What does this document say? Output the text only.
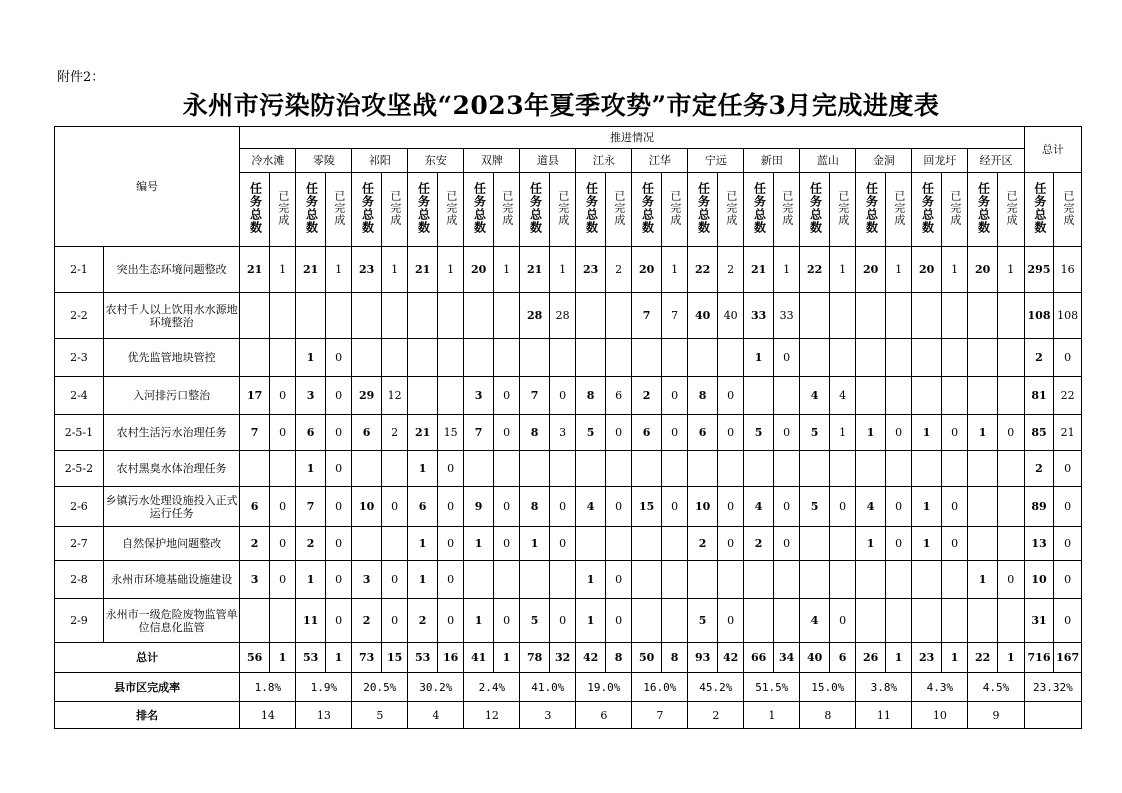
附件2：
永州市污染防治攻坚战“2023年夏季攻势”市定任务3月完成进度表
编号		推进情况																												总计	
		冷水滩		零陵		祁阳		东安		双牌		道县		江永		江华		宁远		新田		蓝山		金洞		回龙圩		经开区			
		任务总数	已完成	任务总数	已完成	任务总数	已完成	任务总数	已完成	任务总数	已完成	任务总数	已完成	任务总数	已完成	任务总数	已完成	任务总数	已完成	任务总数	已完成	任务总数	已完成	任务总数	已完成	任务总数	已完成	任务总数	已完成	任务总数	已完成
2-1	突出生态环境问题整改	21	1	21	1	23	1	21	1	20	1	21	1	23	2	20	1	22	2	21	1	22	1	20	1	20	1	20	1	295	16
2-2	农村千人以上饮用水水源地环境整治											28	28			7	7	40	40	33	33									108	108
2-3	优先监管地块管控			1	0															1	0									2	0
2-4	入河排污口整治	17	0	3	0	29	12			3	0	7	0	8	6	2	0	8	0			4	4							81	22
2-5-1	农村生活污水治理任务	7	0	6	0	6	2	21	15	7	0	8	3	5	0	6	0	6	0	5	0	5	1	1	0	1	0	1	0	85	21
2-5-2	农村黑臭水体治理任务			1	0			1	0																					2	0
2-6	乡镇污水处理设施投入正式运行任务	6	0	7	0	10	0	6	0	9	0	8	0	4	0	15	0	10	0	4	0	5	0	4	0	1	0			89	0
2-7	自然保护地问题整改	2	0	2	0			1	0	1	0	1	0					2	0	2	0			1	0	1	0			13	0
2-8	永州市环境基础设施建设	3	0	1	0	3	0	1	0					1	0													1	0	10	0
2-9	永州市一级危险废物监管单位信息化监管			11	0	2	0	2	0	1	0	5	0	1	0			5	0			4	0							31	0
总计		56	1	53	1	73	15	53	16	41	1	78	32	42	8	50	8	93	42	66	34	40	6	26	1	23	1	22	1	716	167
县市区完成率		1.8%		1.9%		20.5%		30.2%		2.4%		41.0%		19.0%		16.0%		45.2%		51.5%		15.0%		3.8%		4.3%		4.5%		23.32%	
排名		14		13		5		4		12		3		6		7		2		1		8		11		10		9			
